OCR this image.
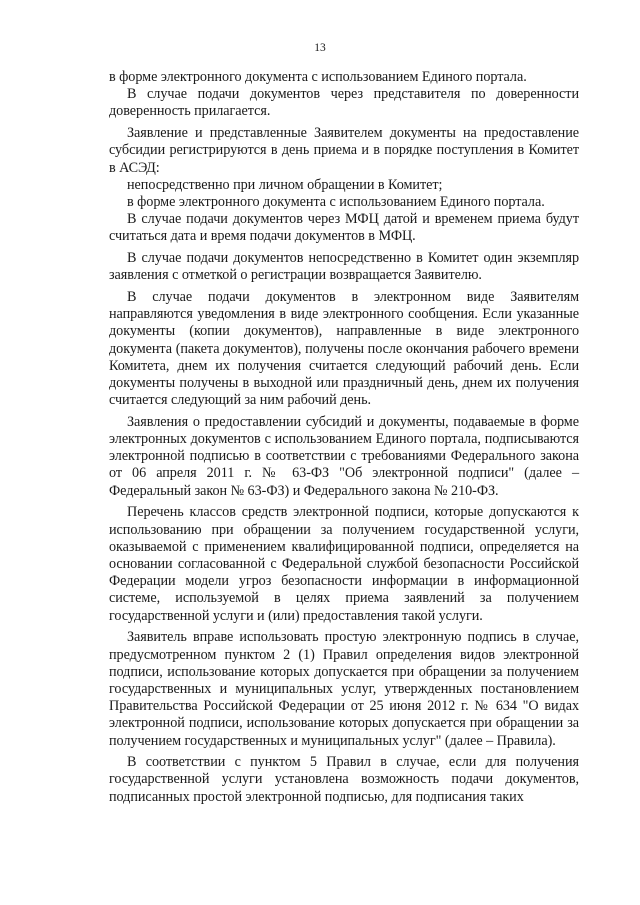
13

в форме электронного документа с использованием Единого портала.

В случае подачи документов через представителя по доверенности доверенность прилагается.

Заявление и представленные Заявителем документы на предоставление субсидии регистрируются в день приема и в порядке поступления в Комитет в АСЭД:

непосредственно при личном обращении в Комитет;

в форме электронного документа с использованием Единого портала.

В случае подачи документов через МФЦ датой и временем приема будут считаться дата и время подачи документов в МФЦ.

В случае подачи документов непосредственно в Комитет один экземпляр заявления с отметкой о регистрации возвращается Заявителю.

В случае подачи документов в электронном виде Заявителям направляются уведомления в виде электронного сообщения. Если указанные документы (копии документов), направленные в виде электронного документа (пакета документов), получены после окончания рабочего времени Комитета, днем их получения считается следующий рабочий день. Если документы получены в выходной или праздничный день, днем их получения считается следующий за ним рабочий день.

Заявления о предоставлении субсидий и документы, подаваемые в форме электронных документов с использованием Единого портала, подписываются электронной подписью в соответствии с требованиями Федерального закона от 06 апреля 2011 г. № 63-ФЗ "Об электронной подписи" (далее – Федеральный закон № 63-ФЗ) и Федерального закона № 210-ФЗ.

Перечень классов средств электронной подписи, которые допускаются к использованию при обращении за получением государственной услуги, оказываемой с применением квалифицированной подписи, определяется на основании согласованной с Федеральной службой безопасности Российской Федерации модели угроз безопасности информации в информационной системе, используемой в целях приема заявлений за получением государственной услуги и (или) предоставления такой услуги.

Заявитель вправе использовать простую электронную подпись в случае, предусмотренном пунктом 2 (1) Правил определения видов электронной подписи, использование которых допускается при обращении за получением государственных и муниципальных услуг, утвержденных постановлением Правительства Российской Федерации от 25 июня 2012 г. № 634 "О видах электронной подписи, использование которых допускается при обращении за получением государственных и муниципальных услуг" (далее – Правила).

В соответствии с пунктом 5 Правил в случае, если для получения государственной услуги установлена возможность подачи документов, подписанных простой электронной подписью, для подписания таких
